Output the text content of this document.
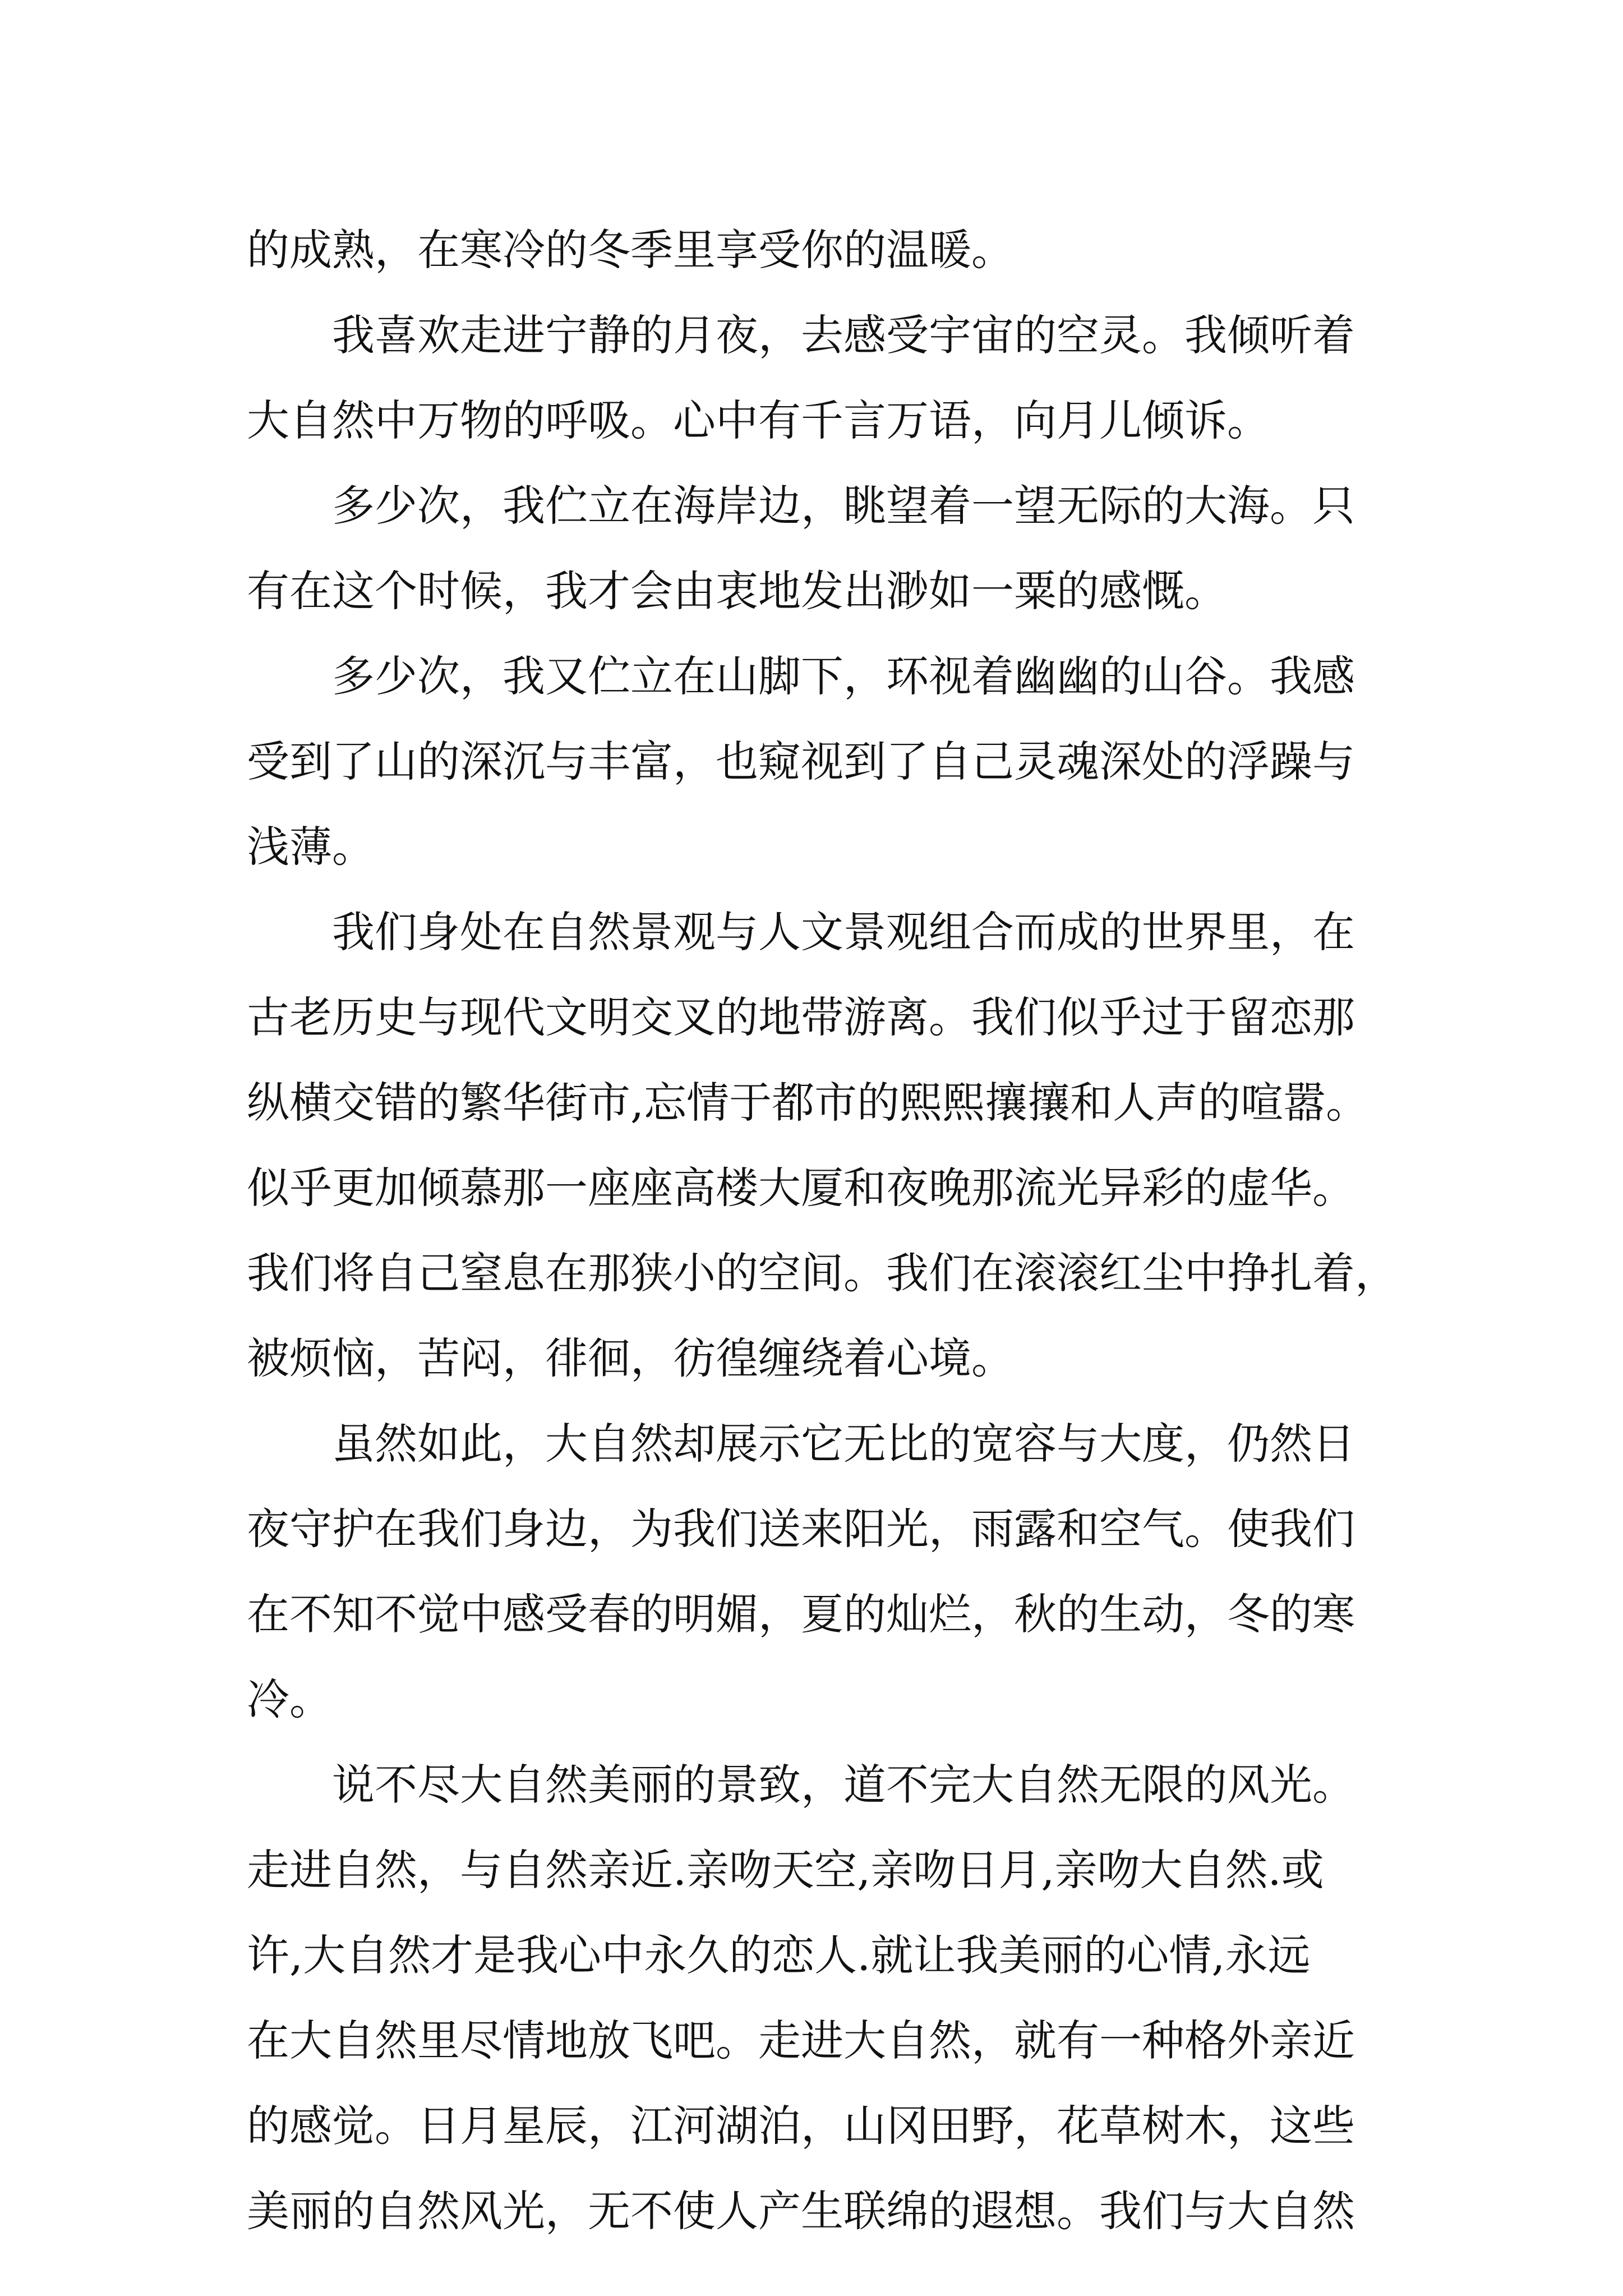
的成熟，在寒冷的冬季里享受你的温暖。
我喜欢走进宁静的月夜，去感受宇宙的空灵。我倾听着
大自然中万物的呼吸。心中有千言万语，向月儿倾诉。
多少次，我伫立在海岸边，眺望着一望无际的大海。只
有在这个时候，我才会由衷地发出渺如一粟的感慨。
多少次，我又伫立在山脚下，环视着幽幽的山谷。我感
受到了山的深沉与丰富，也窥视到了自己灵魂深处的浮躁与
浅薄。
我们身处在自然景观与人文景观组合而成的世界里，在
古老历史与现代文明交叉的地带游离。我们似乎过于留恋那
纵横交错的繁华街市,忘情于都市的熙熙攘攘和人声的喧嚣。
似乎更加倾慕那一座座高楼大厦和夜晚那流光异彩的虚华。
我们将自己窒息在那狭小的空间。我们在滚滚红尘中挣扎着，
被烦恼，苦闷，徘徊，彷徨缠绕着心境。
虽然如此，大自然却展示它无比的宽容与大度，仍然日
夜守护在我们身边，为我们送来阳光，雨露和空气。使我们
在不知不觉中感受春的明媚，夏的灿烂，秋的生动，冬的寒
冷。
说不尽大自然美丽的景致，道不完大自然无限的风光。
走进自然，与自然亲近.亲吻天空,亲吻日月,亲吻大自然.或
许,大自然才是我心中永久的恋人.就让我美丽的心情,永远
在大自然里尽情地放飞吧。走进大自然，就有一种格外亲近
的感觉。日月星辰，江河湖泊，山冈田野，花草树木，这些
美丽的自然风光，无不使人产生联绵的遐想。我们与大自然
